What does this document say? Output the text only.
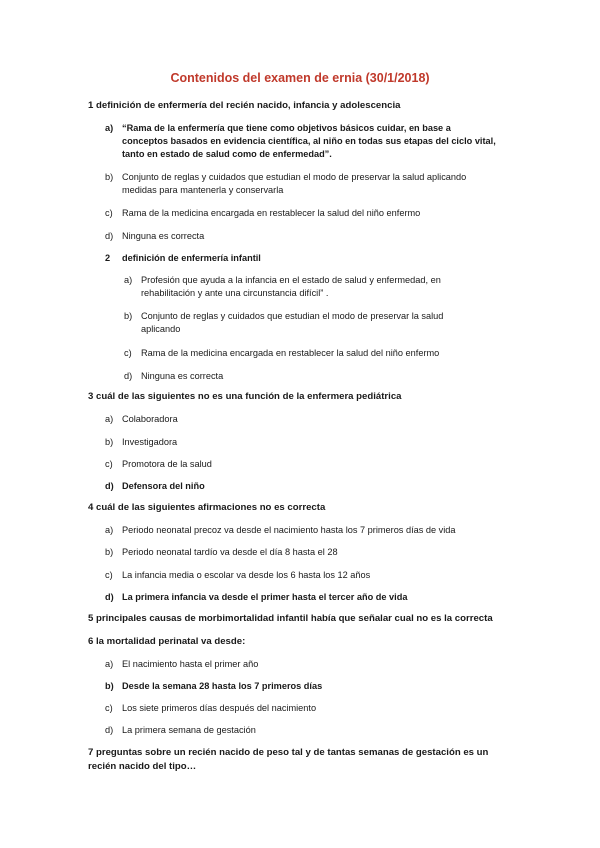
Contenidos del examen de ernia (30/1/2018)
1 definición de enfermería del recién nacido, infancia y adolescencia
a) “Rama de la enfermería que tiene como objetivos básicos cuidar, en base a
conceptos basados en evidencia científica, al niño en todas sus etapas del ciclo vital,
tanto en estado de salud como de enfermedad”.
b) Conjunto de reglas y cuidados que estudian el modo de preservar la salud aplicando
medidas para mantenerla y conservarla
c) Rama de la medicina encargada en restablecer la salud del niño enfermo
d) Ninguna es correcta
2 definición de enfermería infantil
a) Profesión que ayuda a la infancia en el estado de salud y enfermedad, en
rehabilitación y ante una circunstancia difícil” .
b) Conjunto de reglas y cuidados que estudian el modo de preservar la salud
aplicando
c) Rama de la medicina encargada en restablecer la salud del niño enfermo
d) Ninguna es correcta
3 cuál de las siguientes no es una función de la enfermera pediátrica
a) Colaboradora
b) Investigadora
c) Promotora de la salud
d) Defensora del niño
4 cuál de las siguientes afirmaciones no es correcta
a) Periodo neonatal precoz va desde el nacimiento hasta los 7 primeros días de vida
b) Periodo neonatal tardío va desde el día 8 hasta el 28
c) La infancia media o escolar va desde los 6 hasta los 12 años
d) La primera infancia va desde el primer hasta el tercer año de vida
5 principales causas de morbimortalidad infantil había que señalar cual no es la correcta
6 la mortalidad perinatal va desde:
a) El nacimiento hasta el primer año
b) Desde la semana 28 hasta los 7 primeros días
c) Los siete primeros días después del nacimiento
d) La primera semana de gestación
7 preguntas sobre un recién nacido de peso tal y de tantas semanas de gestación es un
recién nacido del tipo…
